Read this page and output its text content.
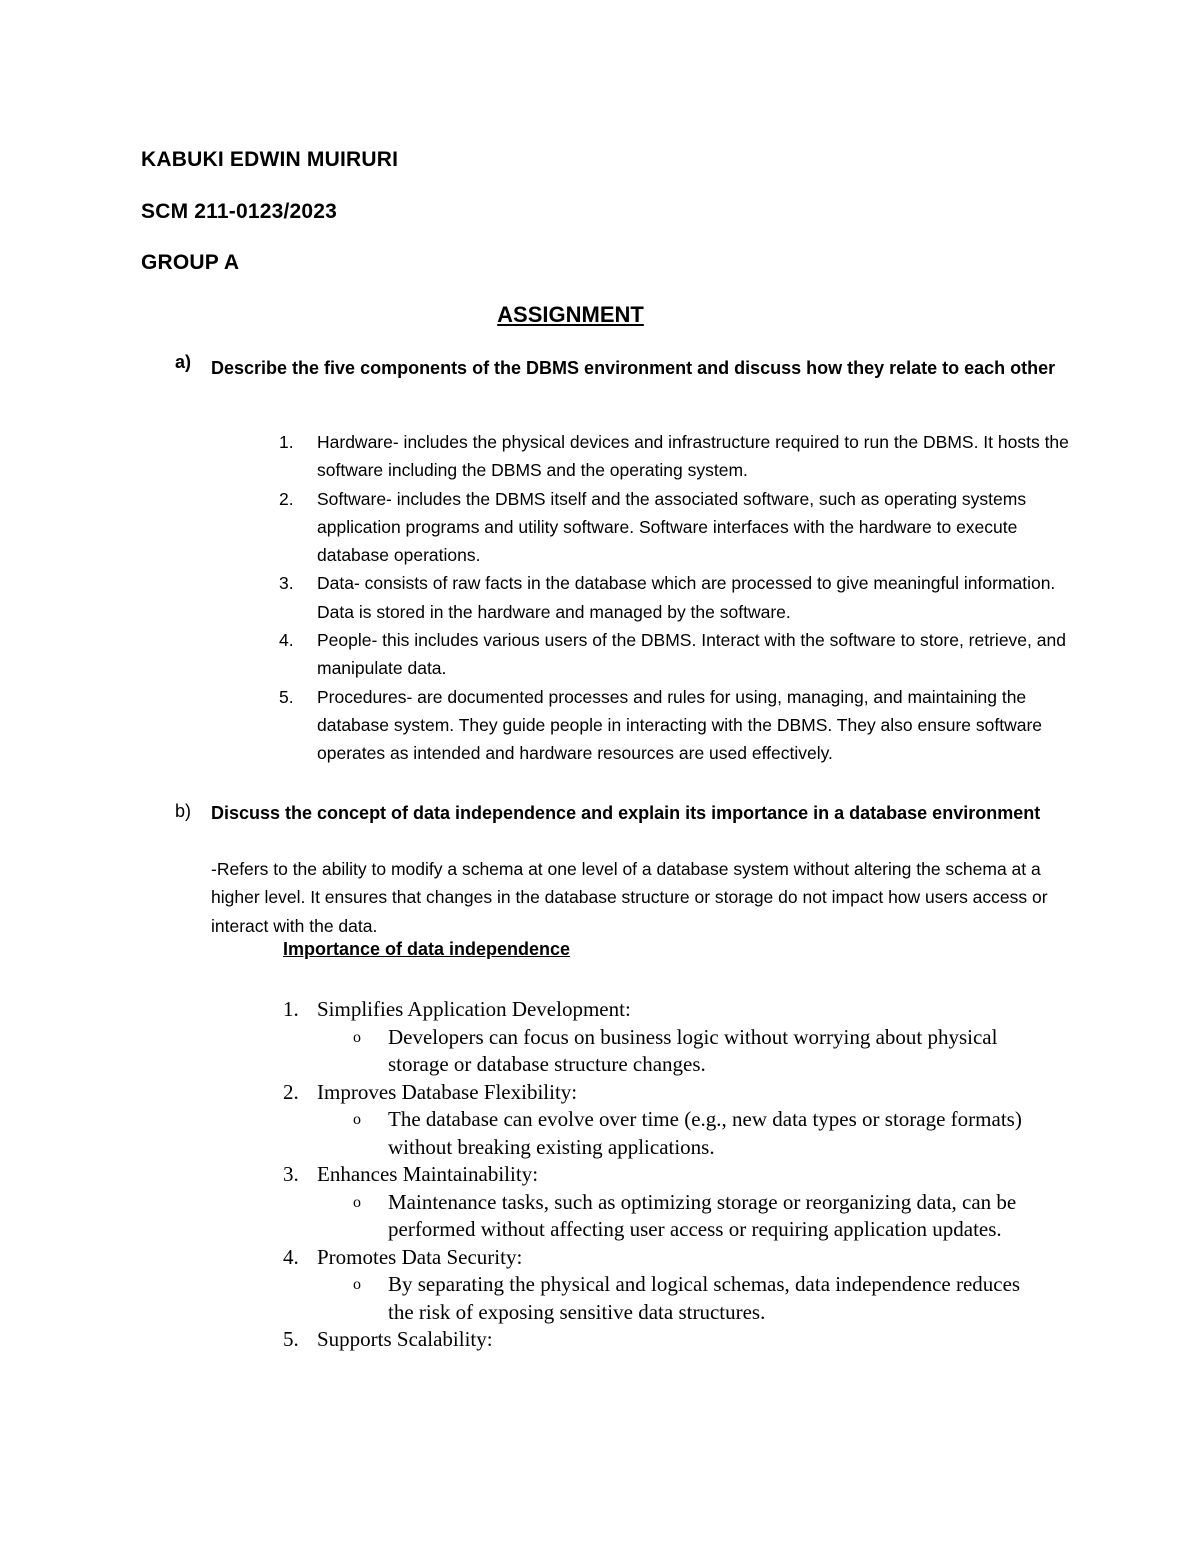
KABUKI EDWIN MUIRURI
SCM 211-0123/2023
GROUP A
ASSIGNMENT
a) Describe the five components of the DBMS environment and discuss how they relate to each other
1. Hardware- includes the physical devices and infrastructure required to run the DBMS. It hosts the software including the DBMS and the operating system.
2. Software- includes the DBMS itself and the associated software, such as operating systems application programs and utility software. Software interfaces with the hardware to execute database operations.
3. Data- consists of raw facts in the database which are processed to give meaningful information. Data is stored in the hardware and managed by the software.
4. People- this includes various users of the DBMS. Interact with the software to store, retrieve, and manipulate data.
5. Procedures- are documented processes and rules for using, managing, and maintaining the database system. They guide people in interacting with the DBMS. They also ensure software operates as intended and hardware resources are used effectively.
b) Discuss the concept of data independence and explain its importance in a database environment
-Refers to the ability to modify a schema at one level of a database system without altering the schema at a higher level. It ensures that changes in the database structure or storage do not impact how users access or interact with the data.
Importance of data independence
1. Simplifies Application Development:
o Developers can focus on business logic without worrying about physical storage or database structure changes.
2. Improves Database Flexibility:
o The database can evolve over time (e.g., new data types or storage formats) without breaking existing applications.
3. Enhances Maintainability:
o Maintenance tasks, such as optimizing storage or reorganizing data, can be performed without affecting user access or requiring application updates.
4. Promotes Data Security:
o By separating the physical and logical schemas, data independence reduces the risk of exposing sensitive data structures.
5. Supports Scalability:
